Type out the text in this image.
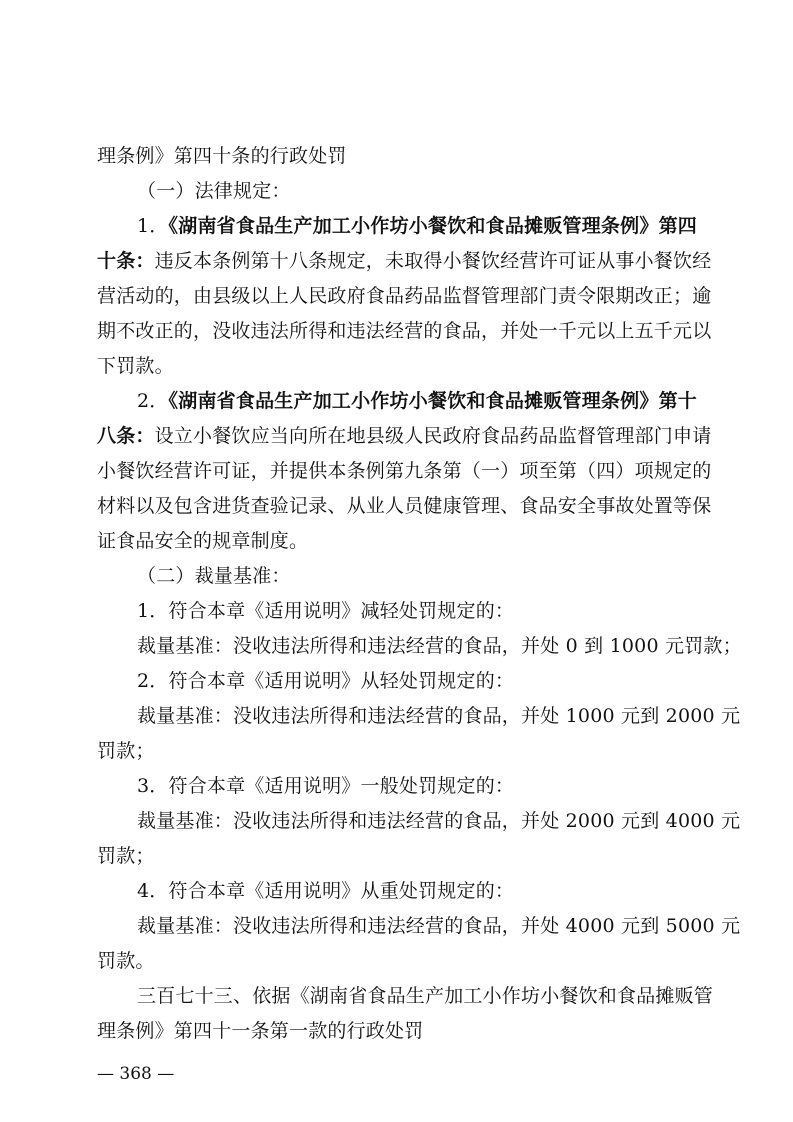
理条例》第四十条的行政处罚
（一）法律规定：
1．《湖南省食品生产加工小作坊小餐饮和食品摊贩管理条例》第四
十条：违反本条例第十八条规定，未取得小餐饮经营许可证从事小餐饮经
营活动的，由县级以上人民政府食品药品监督管理部门责令限期改正；逾
期不改正的，没收违法所得和违法经营的食品，并处一千元以上五千元以
下罚款。
2．《湖南省食品生产加工小作坊小餐饮和食品摊贩管理条例》第十
八条：设立小餐饮应当向所在地县级人民政府食品药品监督管理部门申请
小餐饮经营许可证，并提供本条例第九条第（一）项至第（四）项规定的
材料以及包含进货查验记录、从业人员健康管理、食品安全事故处置等保
证食品安全的规章制度。
（二）裁量基准：
1．符合本章《适用说明》减轻处罚规定的：
裁量基准：没收违法所得和违法经营的食品，并处 0 到 1000 元罚款；
2．符合本章《适用说明》从轻处罚规定的：
裁量基准：没收违法所得和违法经营的食品，并处 1000 元到 2000 元
罚款；
3．符合本章《适用说明》一般处罚规定的：
裁量基准：没收违法所得和违法经营的食品，并处 2000 元到 4000 元
罚款；
4．符合本章《适用说明》从重处罚规定的：
裁量基准：没收违法所得和违法经营的食品，并处 4000 元到 5000 元
罚款。
三百七十三、依据《湖南省食品生产加工小作坊小餐饮和食品摊贩管
理条例》第四十一条第一款的行政处罚
— 368 —
